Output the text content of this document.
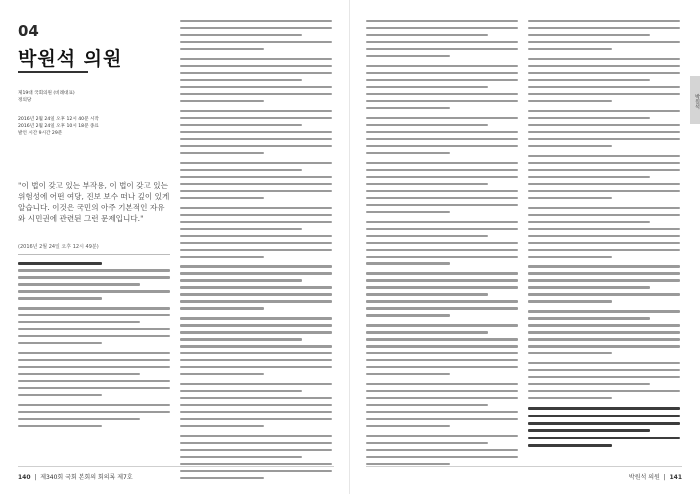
04
박원석 의원
제19대 국회의원 (비례대표)
정의당
2016년 2월 24일 오후 12시 40분 시작
2016년 2월 24일 오후 10시 18분 종료
발언 시간 9시간 29분
"이 법이 갖고 있는 부작용, 이 법이 갖고 있는 위험성에 어떤 여당, 진보 보수 떠나 깊이 있게 알습니다. 이것은 국민의 아주 기본적인 자유와 시민권에 관련된 그런 문제입니다."
(2016년 2월 24일 오후 12시 49분)
140  |  제340회 국회 본회의 회의록 제7호
박원석
박원석 의원  |  141
